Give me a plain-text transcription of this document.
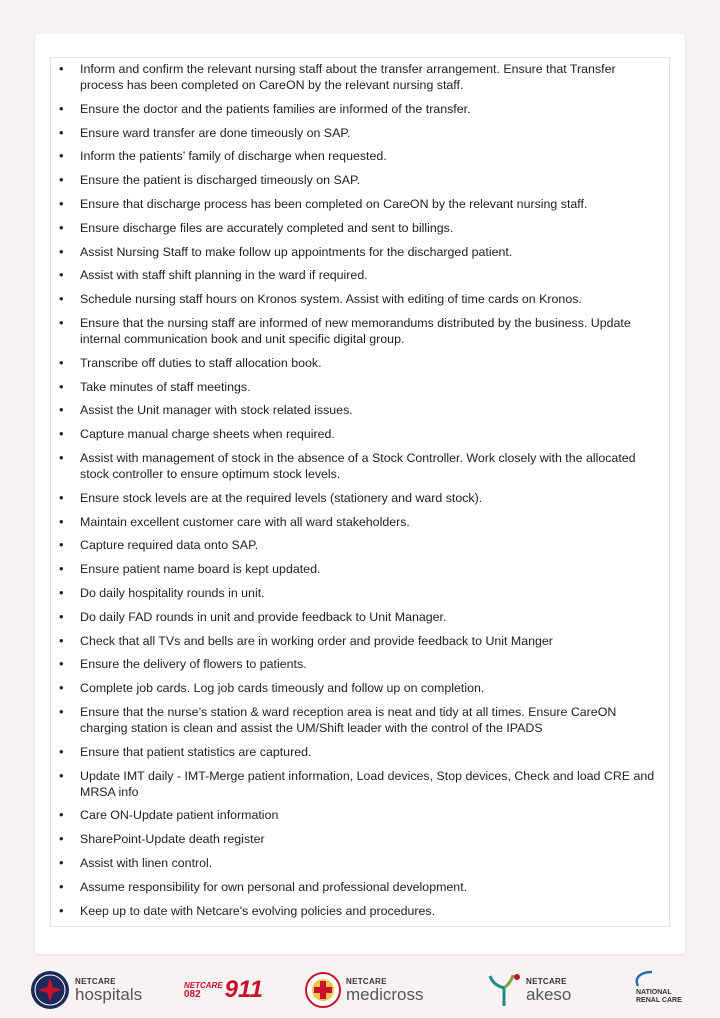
• Inform and confirm the relevant nursing staff about the transfer arrangement. Ensure that Transfer process has been completed on CareON by the relevant nursing staff.
• Ensure the doctor and the patients families are informed of the transfer.
• Ensure ward transfer are done timeously on SAP.
• Inform the patients’ family of discharge when requested.
• Ensure the patient is discharged timeously on SAP.
• Ensure that discharge process has been completed on CareON by the relevant nursing staff.
• Ensure discharge files are accurately completed and sent to billings.
• Assist Nursing Staff to make follow up appointments for the discharged patient.
• Assist with staff shift planning in the ward if required.
• Schedule nursing staff hours on Kronos system. Assist with editing of time cards on Kronos.
• Ensure that the nursing staff are informed of new memorandums distributed by the business. Update internal communication book and unit specific digital group.
• Transcribe off duties to staff allocation book.
• Take minutes of staff meetings.
• Assist the Unit manager with stock related issues.
• Capture manual charge sheets when required.
• Assist with management of stock in the absence of a Stock Controller. Work closely with the allocated stock controller to ensure optimum stock levels.
• Ensure stock levels are at the required levels (stationery and ward stock).
• Maintain excellent customer care with all ward stakeholders.
• Capture required data onto SAP.
• Ensure patient name board is kept updated.
• Do daily hospitality rounds in unit.
• Do daily FAD rounds in unit and provide feedback to Unit Manager.
• Check that all TVs and bells are in working order and provide feedback to Unit Manger
• Ensure the delivery of flowers to patients.
• Complete job cards. Log job cards timeously and follow up on completion.
• Ensure that the nurse’s station & ward reception area is neat and tidy at all times. Ensure CareON charging station is clean and assist the UM/Shift leader with the control of the IPADS
• Ensure that patient statistics are captured.
• Update IMT daily - IMT-Merge patient information, Load devices, Stop devices, Check and load CRE and MRSA info
• Care ON-Update patient information
• SharePoint-Update death register
• Assist with linen control.
• Assume responsibility for own personal and professional development.
• Keep up to date with Netcare's evolving policies and procedures.
NETCARE
hospitals	NETCARE
082 911	NETCARE
medicross
NETCARE
akeso	NATIONAL
RENAL CARE
